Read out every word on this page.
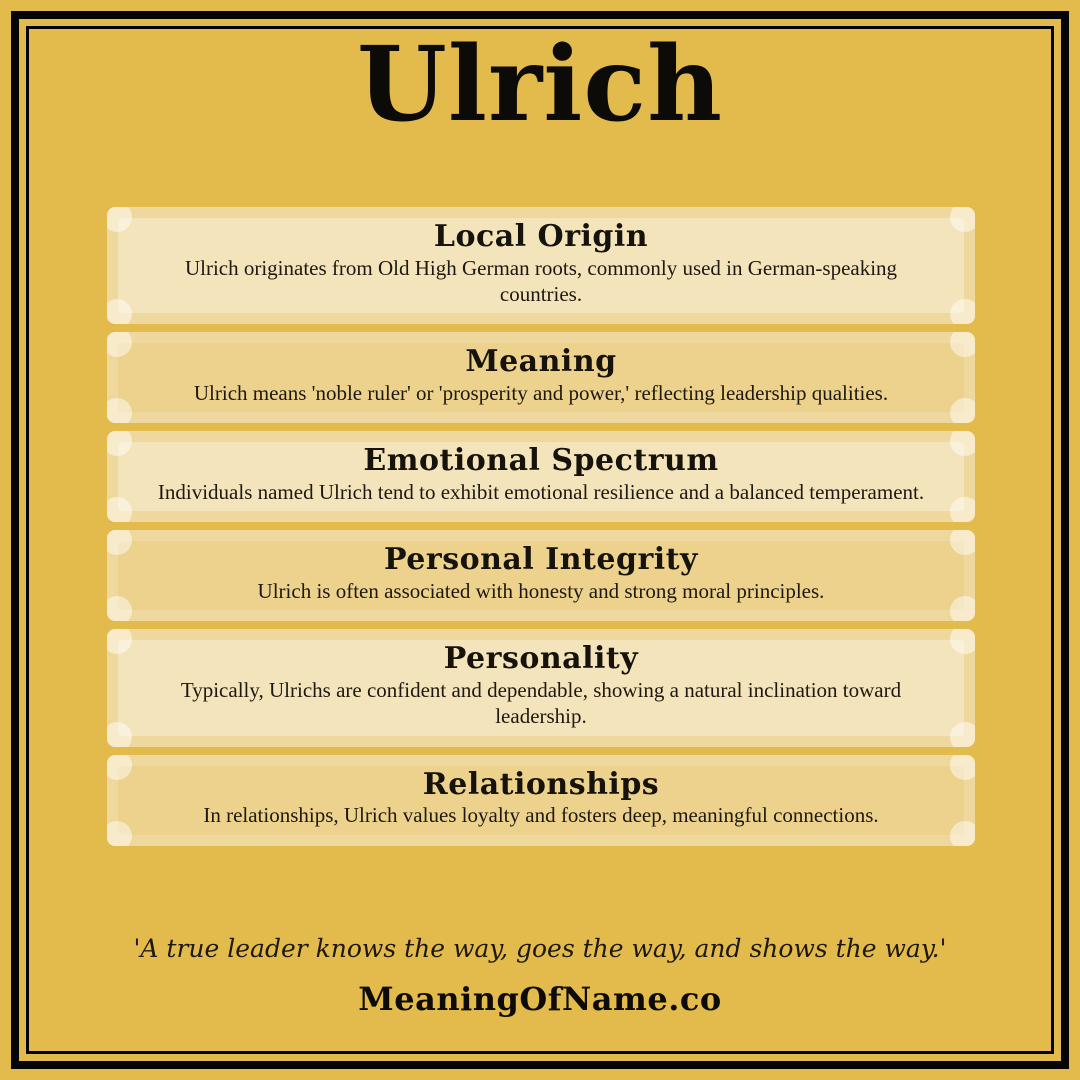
Ulrich
Local Origin

Ulrich originates from Old High German roots, commonly used in German-speaking countries.

Meaning

Ulrich means 'noble ruler' or 'prosperity and power,' reflecting leadership qualities.

Emotional Spectrum

Individuals named Ulrich tend to exhibit emotional resilience and a balanced temperament.

Personal Integrity

Ulrich is often associated with honesty and strong moral principles.

Personality

Typically, Ulrichs are confident and dependable, showing a natural inclination toward leadership.

Relationships

In relationships, Ulrich values loyalty and fosters deep, meaningful connections.

'A true leader knows the way, goes the way, and shows the way.'

MeaningOfName.co
